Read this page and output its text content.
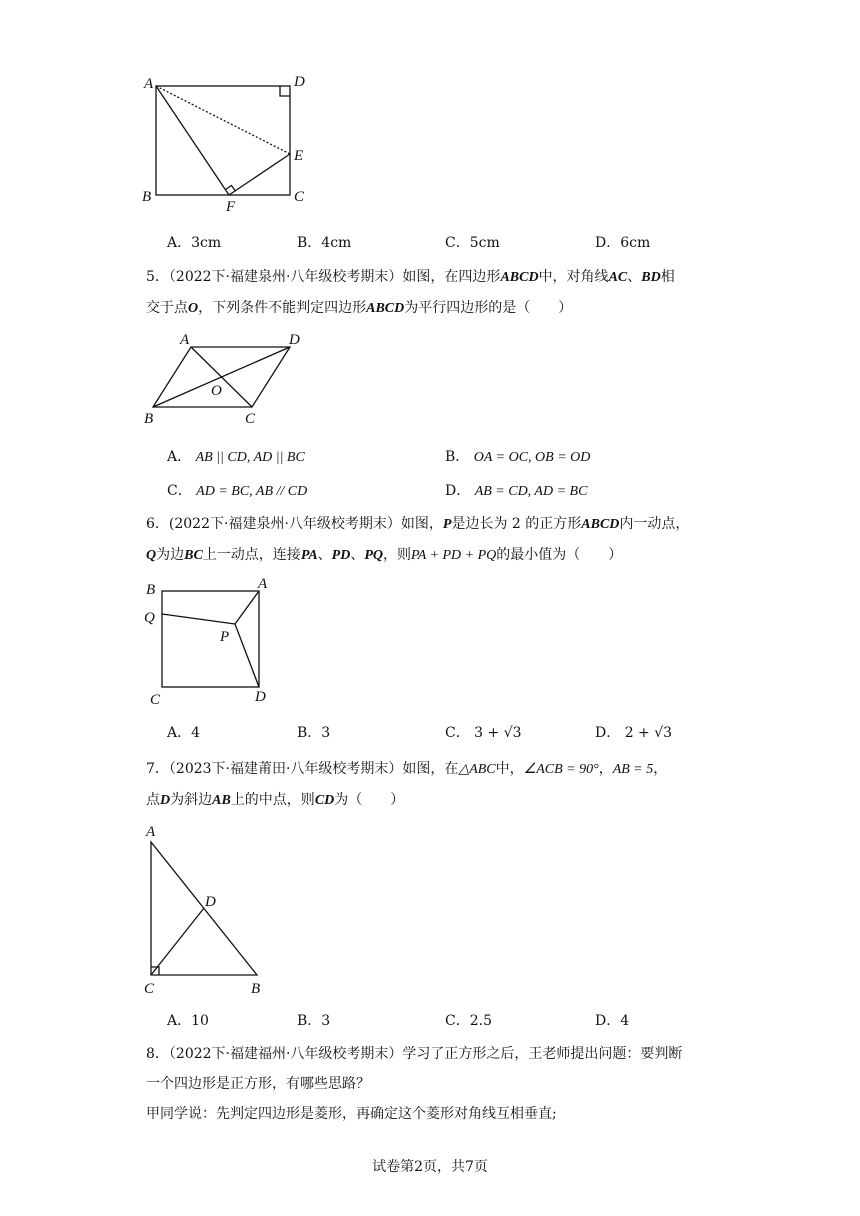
A	D
E
B
F
C
A．3cm	B．4cm	C．5cm	D．6cm
5．（2022下·福建泉州·八年级校考期末）如图，在四边形ABCD中，对角线AC、BD相
交于点O，下列条件不能判定四边形ABCD为平行四边形的是（　　）
A	D
O
B	C
A． AB || CD, AD || BC	B． OA = OC, OB = OD
C． AD = BC, AB // CD	D． AB = CD, AD = BC
6．(2022下·福建泉州·八年级校考期末）如图，P是边长为 2 的正方形ABCD内一动点，
Q为边BC上一动点，连接PA、PD、PQ，则PA + PD + PQ的最小值为（　　）
B	A
Q
P
C	D
A．4	B．3	C． 3 + √3	D． 2 + √3
7．（2023下·福建莆田·八年级校考期末）如图，在△ABC中，∠ACB = 90°，AB = 5，
点D为斜边AB上的中点，则CD为（　　）
A
D
C	B
A．10	B．3	C．2.5	D．4
8．（2022下·福建福州·八年级校考期末）学习了正方形之后，王老师提出问题：要判断
一个四边形是正方形，有哪些思路？
甲同学说：先判定四边形是菱形，再确定这个菱形对角线互相垂直;
试卷第2页，共7页
